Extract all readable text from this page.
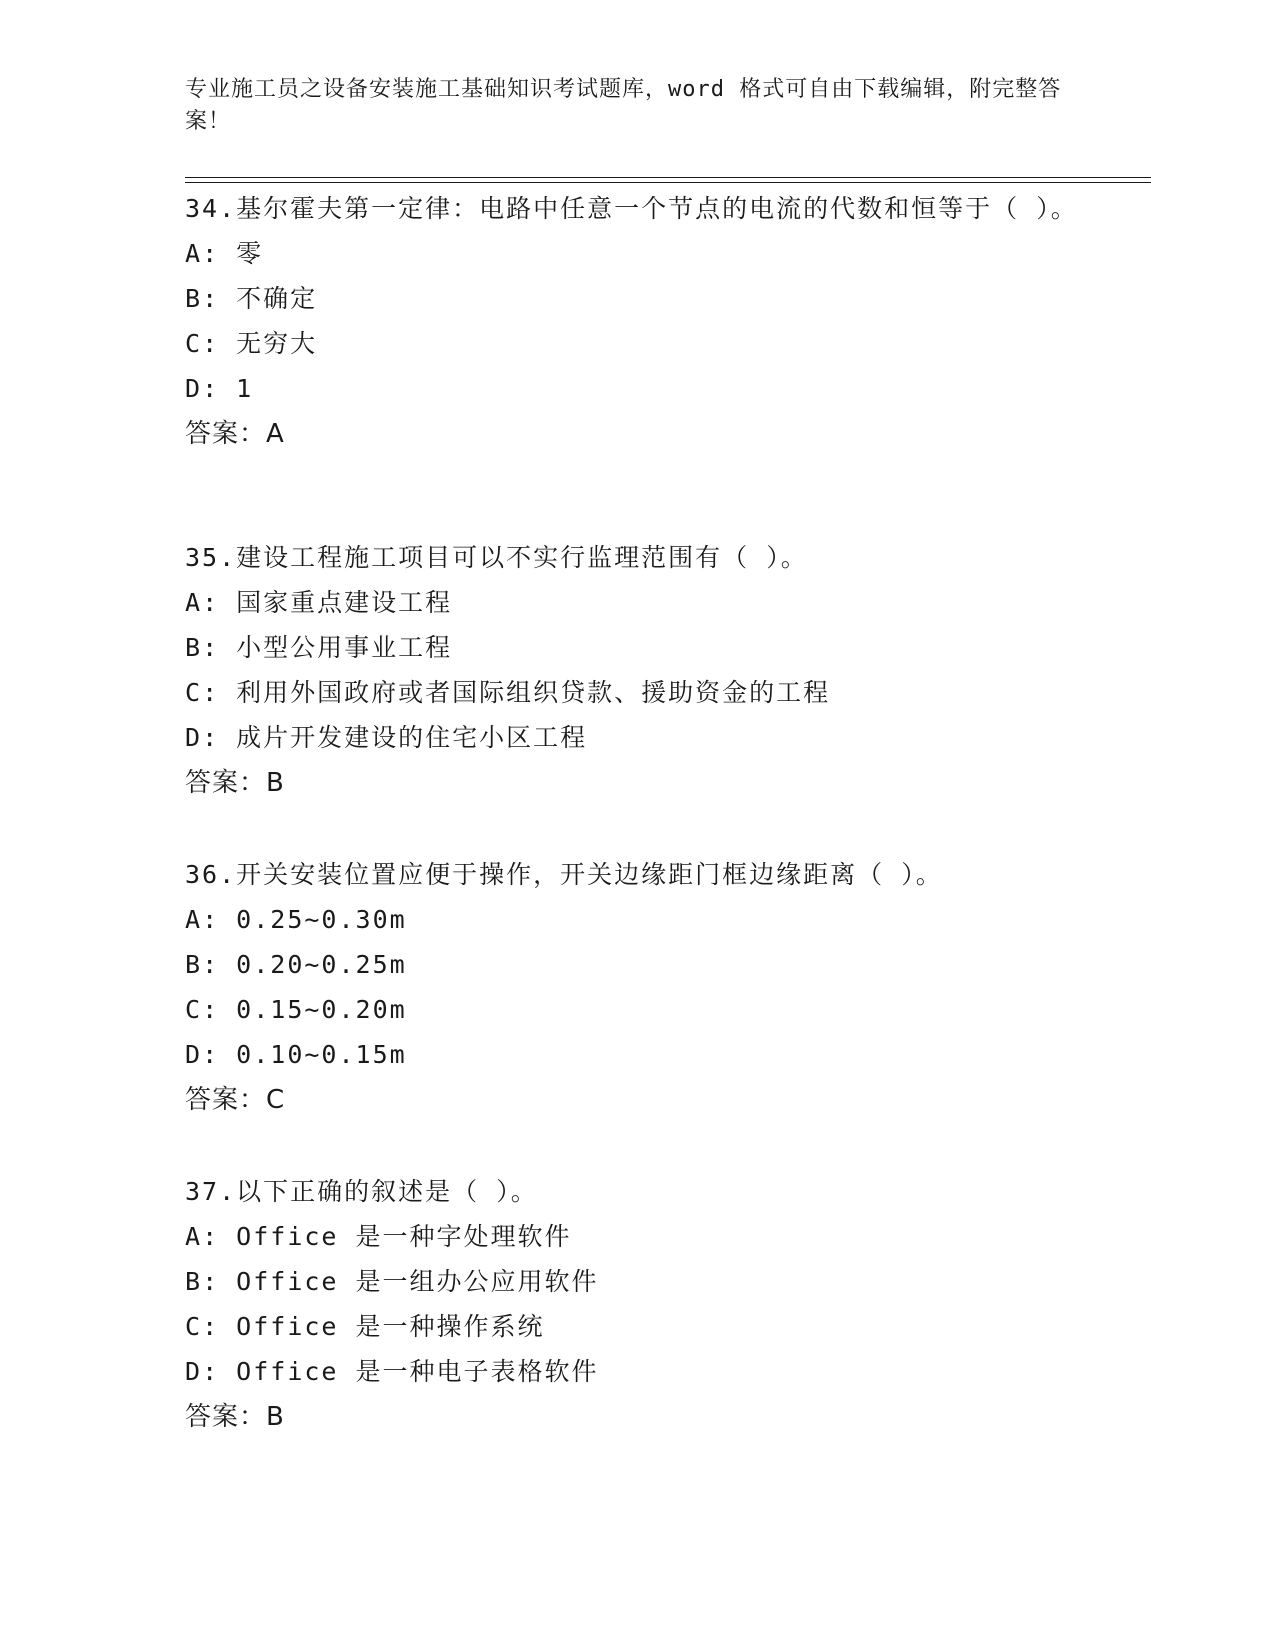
专业施工员之设备安装施工基础知识考试题库，word 格式可自由下载编辑，附完整答案！

34.基尔霍夫第一定律：电路中任意一个节点的电流的代数和恒等于（ ）。

A: 零

B: 不确定

C: 无穷大

D: 1

答案：A

35.建设工程施工项目可以不实行监理范围有（ ）。

A: 国家重点建设工程

B: 小型公用事业工程

C: 利用外国政府或者国际组织贷款、援助资金的工程

D: 成片开发建设的住宅小区工程

答案：B

36.开关安装位置应便于操作，开关边缘距门框边缘距离（ ）。

A: 0.25~0.30m

B: 0.20~0.25m

C: 0.15~0.20m

D: 0.10~0.15m

答案：C

37.以下正确的叙述是（ ）。

A: Office 是一种字处理软件

B: Office 是一组办公应用软件

C: Office 是一种操作系统

D: Office 是一种电子表格软件

答案：B
